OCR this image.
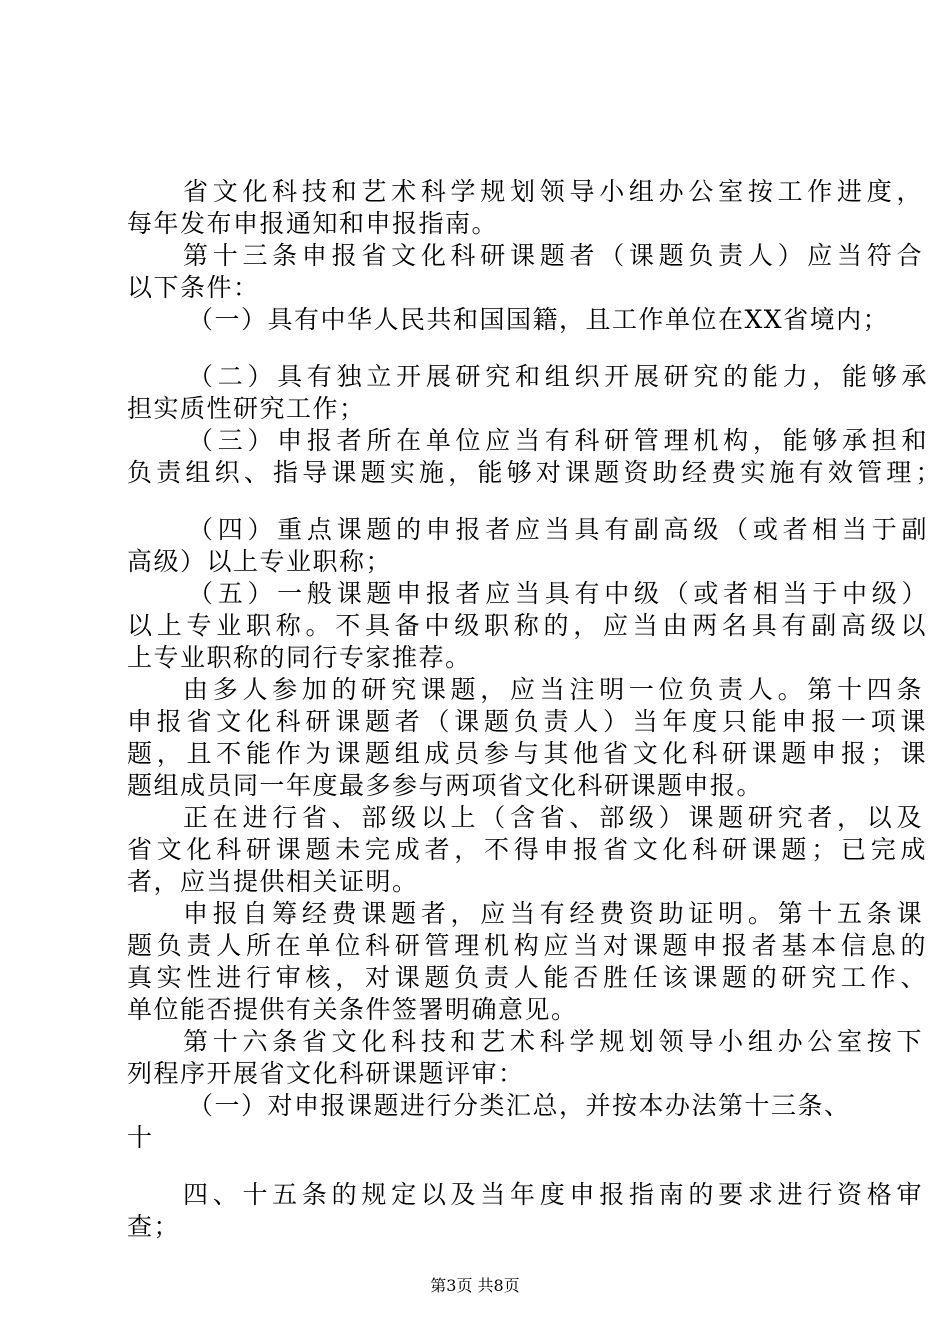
省文化科技和艺术科学规划领导小组办公室按工作进度，
每年发布申报通知和申报指南。
第十三条申报省文化科研课题者（课题负责人）应当符合
以下条件：
（一）具有中华人民共和国国籍，且工作单位在XX省境内；
（二）具有独立开展研究和组织开展研究的能力，能够承
担实质性研究工作；
（三）申报者所在单位应当有科研管理机构，能够承担和
负责组织、指导课题实施，能够对课题资助经费实施有效管理；
（四）重点课题的申报者应当具有副高级（或者相当于副
高级）以上专业职称；
（五）一般课题申报者应当具有中级（或者相当于中级）
以上专业职称。不具备中级职称的，应当由两名具有副高级以
上专业职称的同行专家推荐。
由多人参加的研究课题，应当注明一位负责人。第十四条
申报省文化科研课题者（课题负责人）当年度只能申报一项课
题，且不能作为课题组成员参与其他省文化科研课题申报；课
题组成员同一年度最多参与两项省文化科研课题申报。
正在进行省、部级以上（含省、部级）课题研究者，以及
省文化科研课题未完成者，不得申报省文化科研课题；已完成
者，应当提供相关证明。
申报自筹经费课题者，应当有经费资助证明。第十五条课
题负责人所在单位科研管理机构应当对课题申报者基本信息的
真实性进行审核，对课题负责人能否胜任该课题的研究工作、
单位能否提供有关条件签署明确意见。
第十六条省文化科技和艺术科学规划领导小组办公室按下
列程序开展省文化科研课题评审：
（一）对申报课题进行分类汇总，并按本办法第十三条、
十
四、十五条的规定以及当年度申报指南的要求进行资格审
查；
第3页 共8页
